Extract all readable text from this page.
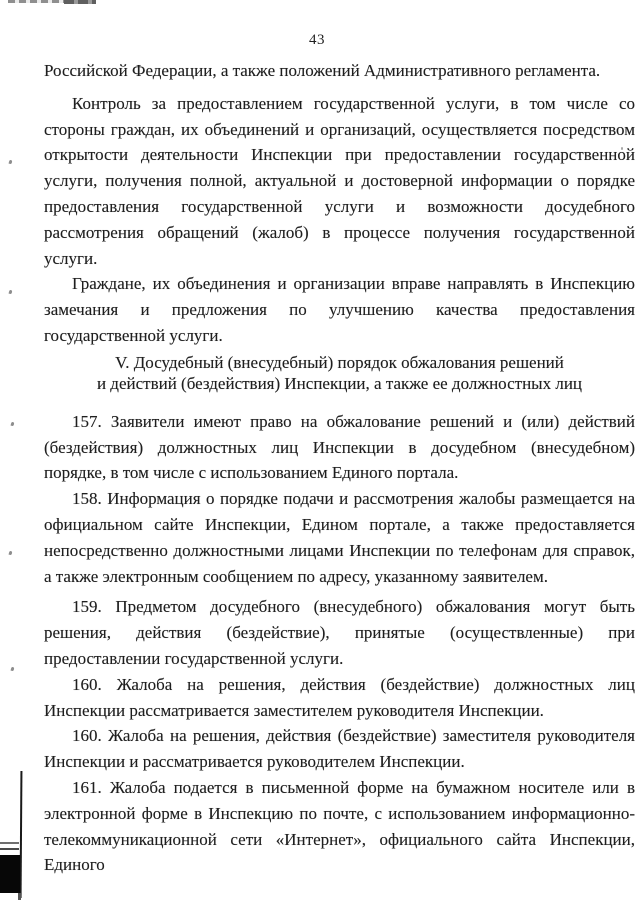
43

Российской Федерации, а также положений Административного регламента.

Контроль за предоставлением государственной услуги, в том числе со стороны граждан, их объединений и организаций, осуществляется посредством открытости деятельности Инспекции при предоставлении государственной услуги, получения полной, актуальной и достоверной информации о порядке предоставления государственной услуги и возможности досудебного рассмотрения обращений (жалоб) в процессе получения государственной услуги.

Граждане, их объединения и организации вправе направлять в Инспекцию замечания и предложения по улучшению качества предоставления государственной услуги.

V. Досудебный (внесудебный) порядок обжалования решений
и действий (бездействия) Инспекции, а также ее должностных лиц

157. Заявители имеют право на обжалование решений и (или) действий (бездействия) должностных лиц Инспекции в досудебном (внесудебном) порядке, в том числе с использованием Единого портала.

158. Информация о порядке подачи и рассмотрения жалобы размещается на официальном сайте Инспекции, Едином портале, а также предоставляется непосредственно должностными лицами Инспекции по телефонам для справок, а также электронным сообщением по адресу, указанному заявителем.

159. Предметом досудебного (внесудебного) обжалования могут быть решения, действия (бездействие), принятые (осуществленные) при предоставлении государственной услуги.

160. Жалоба на решения, действия (бездействие) должностных лиц Инспекции рассматривается заместителем руководителя Инспекции.

160. Жалоба на решения, действия (бездействие) заместителя руководителя Инспекции и рассматривается руководителем Инспекции.

161. Жалоба подается в письменной форме на бумажном носителе или в электронной форме в Инспекцию по почте, с использованием информационно-телекоммуникационной сети «Интернет», официального сайта Инспекции, Единого
